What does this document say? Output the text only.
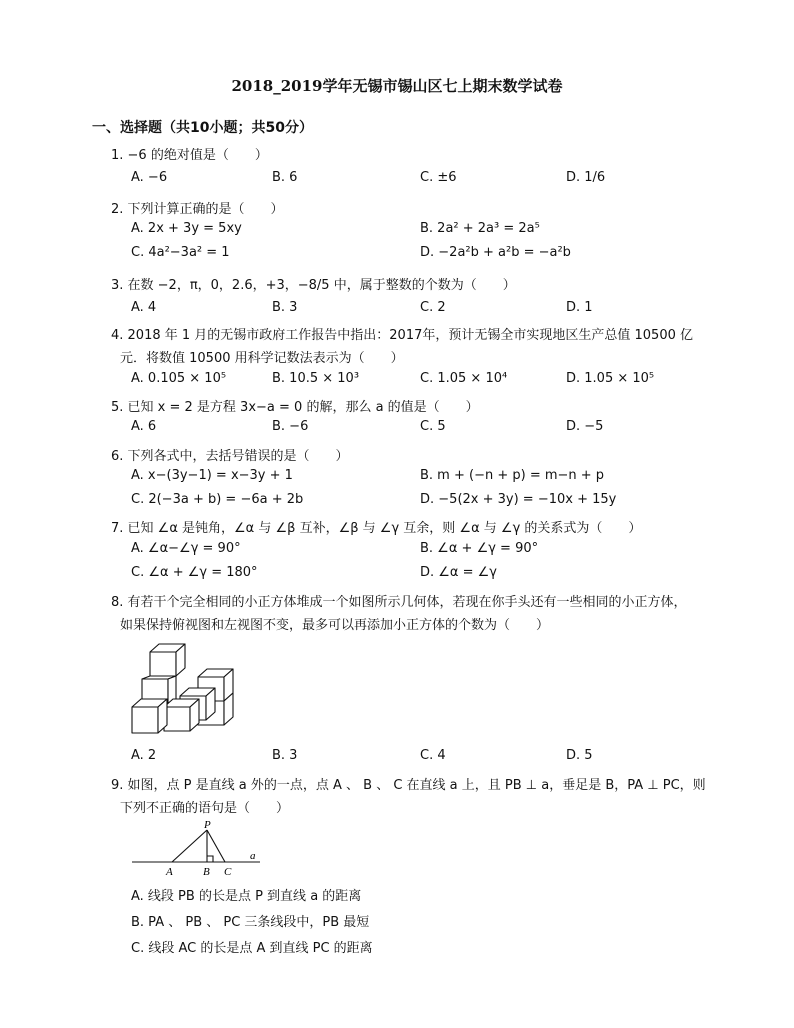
2018_2019学年无锡市锡山区七上期末数学试卷
一、选择题（共10小题；共50分）
1. −6 的绝对值是（　　）
A. −6	B. 6	C. ±6	D. 1/6
2. 下列计算正确的是（　　）
A. 2x + 3y = 5xy	B. 2a² + 2a³ = 2a⁵
C. 4a²−3a² = 1	D. −2a²b + a²b = −a²b
3. 在数 −2，π，0，2.6，+3，−8/5 中，属于整数的个数为（　　）
A. 4	B. 3	C. 2	D. 1
4. 2018 年 1 月的无锡市政府工作报告中指出：2017年，预计无锡全市实现地区生产总值 10500 亿
元．将数值 10500 用科学记数法表示为（　　）
A. 0.105 × 10⁵	B. 10.5 × 10³	C. 1.05 × 10⁴	D. 1.05 × 10⁵
5. 已知 x = 2 是方程 3x−a = 0 的解，那么 a 的值是（　　）
A. 6	B. −6	C. 5	D. −5
6. 下列各式中，去括号错误的是（　　）
A. x−(3y−1) = x−3y + 1	B. m + (−n + p) = m−n + p
C. 2(−3a + b) = −6a + 2b	D. −5(2x + 3y) = −10x + 15y
7. 已知 ∠α 是钝角，∠α 与 ∠β 互补，∠β 与 ∠γ 互余，则 ∠α 与 ∠γ 的关系式为（　　）
A. ∠α−∠γ = 90°	B. ∠α + ∠γ = 90°
C. ∠α + ∠γ = 180°	D. ∠α = ∠γ
8. 有若干个完全相同的小正方体堆成一个如图所示几何体，若现在你手头还有一些相同的小正方体，
如果保持俯视图和左视图不变，最多可以再添加小正方体的个数为（　　）
A. 2	B. 3	C. 4	D. 5
9. 如图，点 P 是直线 a 外的一点，点 A 、 B 、 C 在直线 a 上，且 PB ⊥ a，垂足是 B，PA ⊥ PC，则
下列不正确的语句是（　　）
P
A	B C
a
A. 线段 PB 的长是点 P 到直线 a 的距离
B. PA 、 PB 、 PC 三条线段中，PB 最短
C. 线段 AC 的长是点 A 到直线 PC 的距离
